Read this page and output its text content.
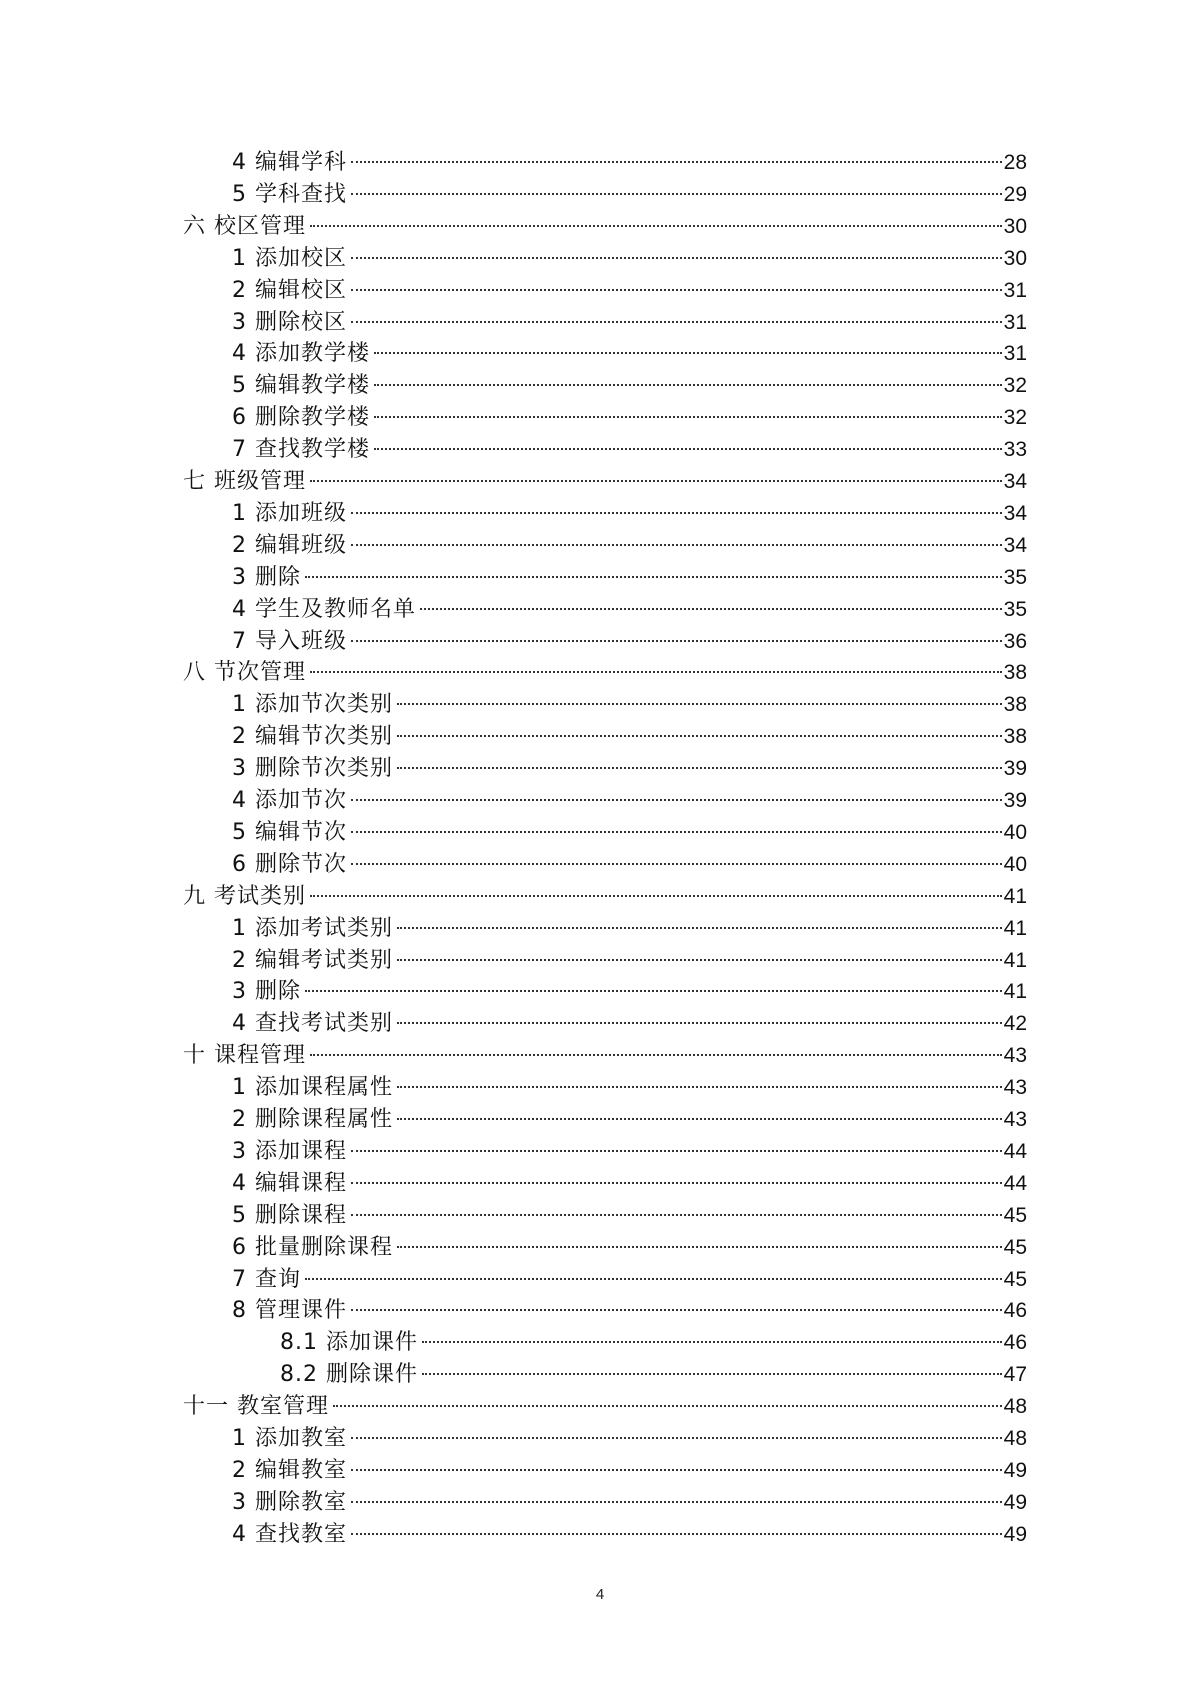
4 编辑学科	28
5 学科查找	29
六 校区管理	30
1 添加校区	30
2 编辑校区	31
3 删除校区	31
4 添加教学楼	31
5 编辑教学楼	32
6 删除教学楼	32
7 查找教学楼	33
七 班级管理	34
1 添加班级	34
2 编辑班级	34
3 删除	35
4 学生及教师名单	35
7 导入班级	36
八 节次管理	38
1 添加节次类别	38
2 编辑节次类别	38
3 删除节次类别	39
4 添加节次	39
5 编辑节次	40
6 删除节次	40
九 考试类别	41
1 添加考试类别	41
2 编辑考试类别	41
3 删除	41
4 查找考试类别	42
十 课程管理	43
1 添加课程属性	43
2 删除课程属性	43
3 添加课程	44
4 编辑课程	44
5 删除课程	45
6 批量删除课程	45
7 查询	45
8 管理课件	46
8.1 添加课件	46
8.2 删除课件	47
十一 教室管理	48
1 添加教室	48
2 编辑教室	49
3 删除教室	49
4 查找教室	49
4
